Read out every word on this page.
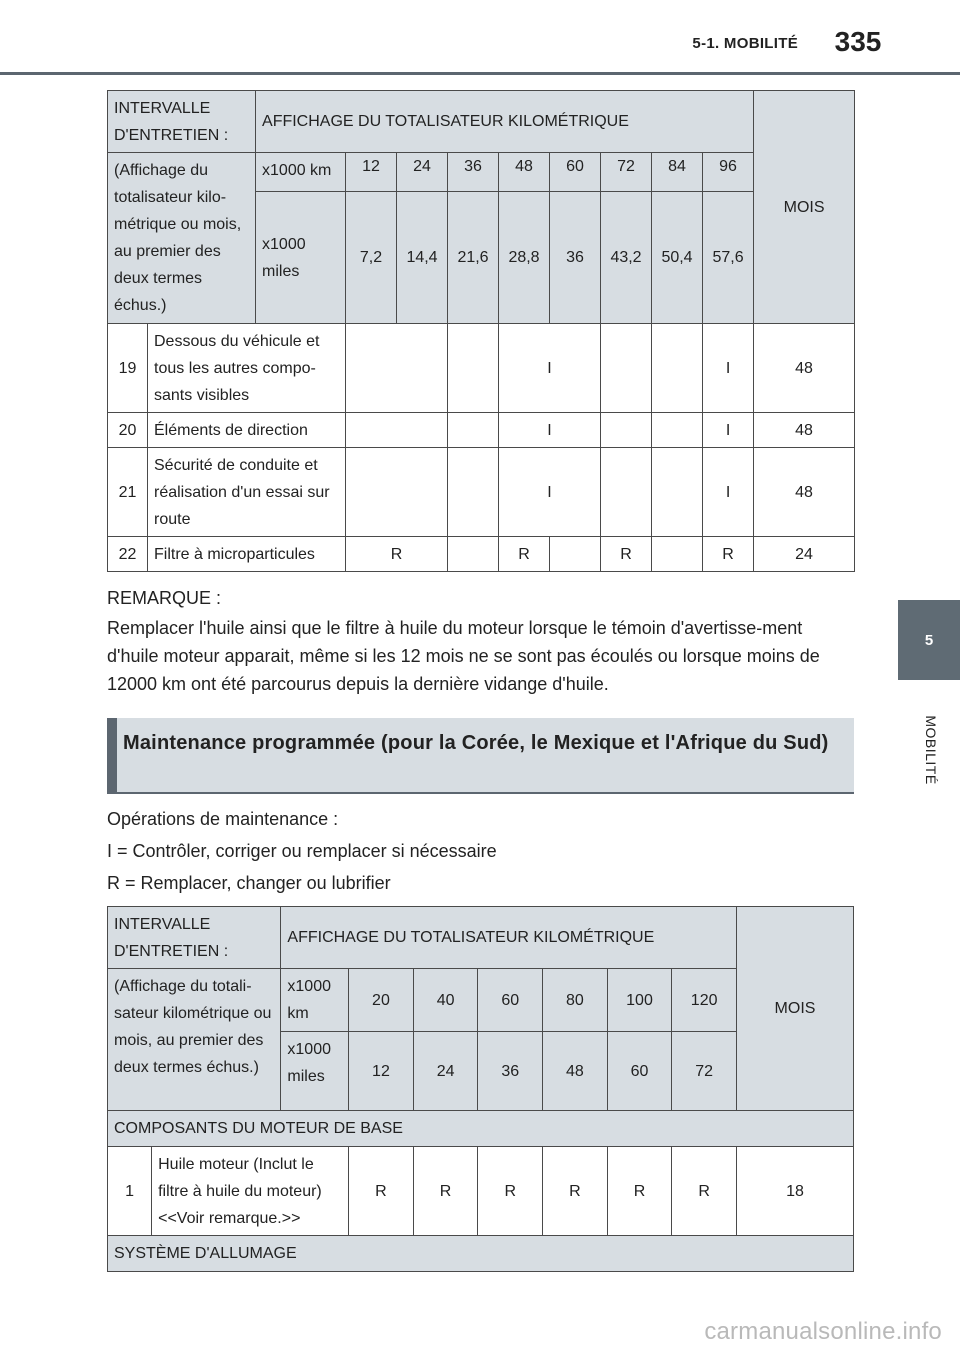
5-1. MOBILITÉ	335
5
MOBILITÉ
INTERVALLE D'ENTRETIEN :		AFFICHAGE DU TOTALISATEUR KILOMÉTRIQUE									MOIS
(Affichage du totalisateur kilo-métrique ou mois, au premier des deux termes échus.)		x1000 km	12	24	36	48	60	72	84	96	
		x1000 miles	7,2	14,4	21,6	28,8	36	43,2	50,4	57,6	
19	Dessous du véhicule et tous les autres compo-sants visibles					I				I	48
20	Éléments de direction					I				I	48
21	Sécurité de conduite et réalisation d'un essai sur route					I				I	48
22	Filtre à microparticules		R			R		R		R	24
REMARQUE :
Remplacer l'huile ainsi que le filtre à huile du moteur lorsque le témoin d'avertisse-ment d'huile moteur apparait, même si les 12 mois ne se sont pas écoulés ou lorsque moins de 12000 km ont été parcourus depuis la dernière vidange d'huile.
Maintenance programmée (pour la Corée, le Mexique et l'Afrique du Sud)
Opérations de maintenance :
I = Contrôler, corriger ou remplacer si nécessaire
R = Remplacer, changer ou lubrifier
INTERVALLE D'ENTRETIEN :		AFFICHAGE DU TOTALISATEUR KILOMÉTRIQUE							MOIS
(Affichage du totali-sateur kilométrique ou mois, au premier des deux termes échus.)		x1000 km	20	40	60	80	100	120	
		x1000 miles	12	24	36	48	60	72	
COMPOSANTS DU MOTEUR DE BASE									
1	Huile moteur (Inclut le filtre à huile du moteur) <<Voir remarque.>>		R	R	R	R	R	R	18
SYSTÈME D'ALLUMAGE									
carmanualsonline.info
